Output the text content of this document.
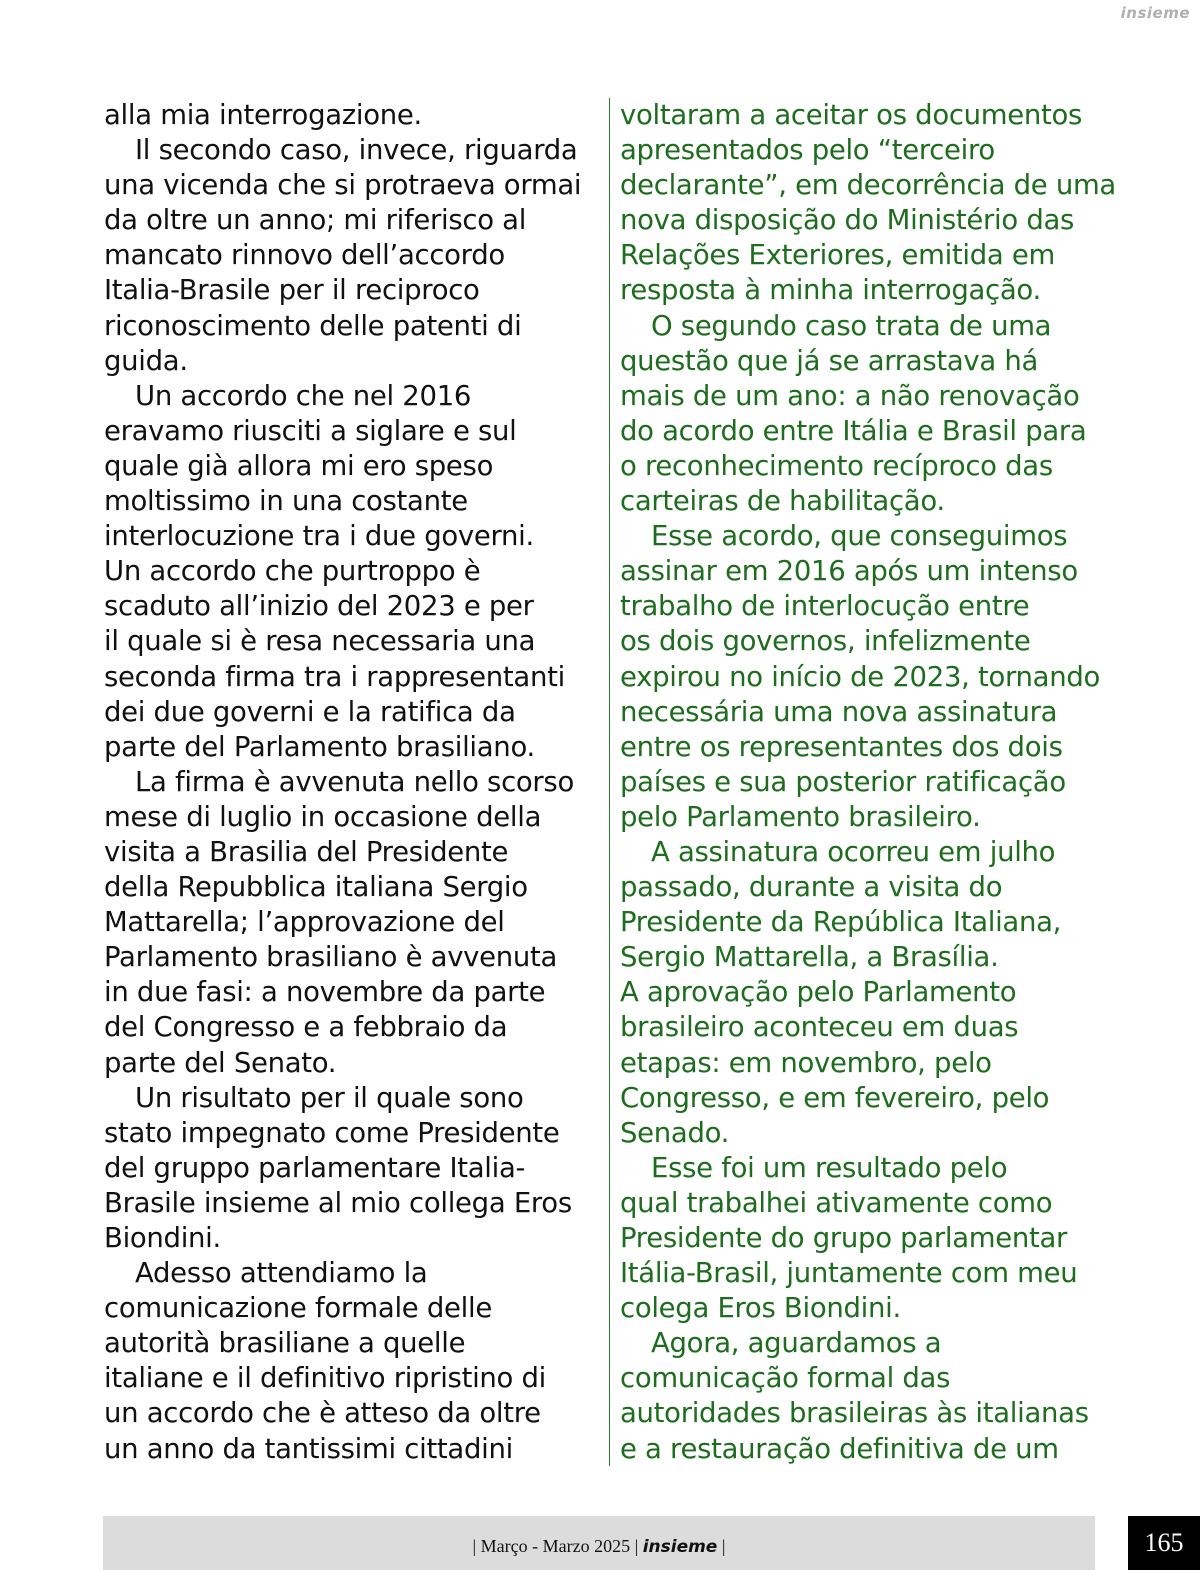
insieme
alla mia interrogazione.
Il secondo caso, invece, riguarda
una vicenda che si protraeva ormai
da oltre un anno; mi riferisco al
mancato rinnovo dell’accordo
Italia-Brasile per il reciproco
riconoscimento delle patenti di
guida.
Un accordo che nel 2016
eravamo riusciti a siglare e sul
quale già allora mi ero speso
moltissimo in una costante
interlocuzione tra i due governi.
Un accordo che purtroppo è
scaduto all’inizio del 2023 e per
il quale si è resa necessaria una
seconda firma tra i rappresentanti
dei due governi e la ratifica da
parte del Parlamento brasiliano.
La firma è avvenuta nello scorso
mese di luglio in occasione della
visita a Brasilia del Presidente
della Repubblica italiana Sergio
Mattarella; l’approvazione del
Parlamento brasiliano è avvenuta
in due fasi: a novembre da parte
del Congresso e a febbraio da
parte del Senato.
Un risultato per il quale sono
stato impegnato come Presidente
del gruppo parlamentare Italia-
Brasile insieme al mio collega Eros
Biondini.
Adesso attendiamo la
comunicazione formale delle
autorità brasiliane a quelle
italiane e il definitivo ripristino di
un accordo che è atteso da oltre
un anno da tantissimi cittadini
voltaram a aceitar os documentos
apresentados pelo “terceiro
declarante”, em decorrência de uma
nova disposição do Ministério das
Relações Exteriores, emitida em
resposta à minha interrogação.
O segundo caso trata de uma
questão que já se arrastava há
mais de um ano: a não renovação
do acordo entre Itália e Brasil para
o reconhecimento recíproco das
carteiras de habilitação.
Esse acordo, que conseguimos
assinar em 2016 após um intenso
trabalho de interlocução entre
os dois governos, infelizmente
expirou no início de 2023, tornando
necessária uma nova assinatura
entre os representantes dos dois
países e sua posterior ratificação
pelo Parlamento brasileiro.
A assinatura ocorreu em julho
passado, durante a visita do
Presidente da República Italiana,
Sergio Mattarella, a Brasília.
A aprovação pelo Parlamento
brasileiro aconteceu em duas
etapas: em novembro, pelo
Congresso, e em fevereiro, pelo
Senado.
Esse foi um resultado pelo
qual trabalhei ativamente como
Presidente do grupo parlamentar
Itália-Brasil, juntamente com meu
colega Eros Biondini.
Agora, aguardamos a
comunicação formal das
autoridades brasileiras às italianas
e a restauração definitiva de um
| Março - Marzo 2025 | insieme |	165
